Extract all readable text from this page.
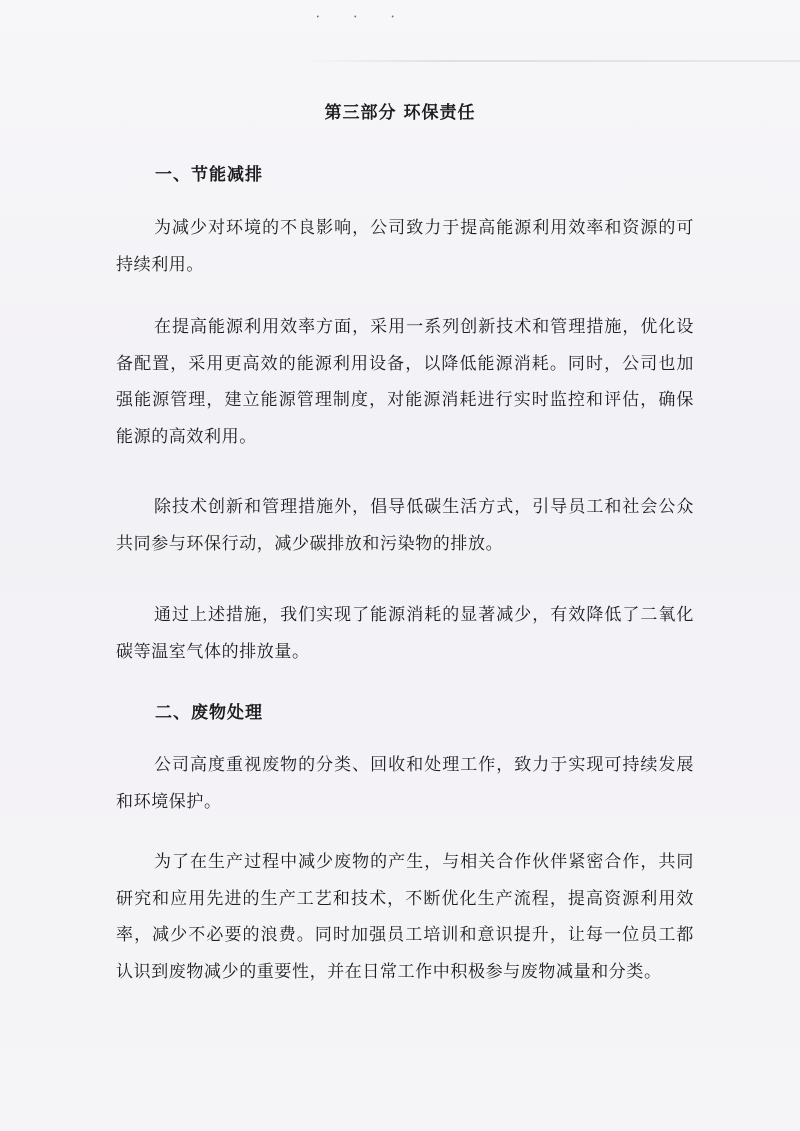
• • •
第三部分 环保责任
一、节能减排

为减少对环境的不良影响，公司致力于提高能源利用效率和资源的可持续利用。

在提高能源利用效率方面，采用一系列创新技术和管理措施，优化设备配置，采用更高效的能源利用设备，以降低能源消耗。同时，公司也加强能源管理，建立能源管理制度，对能源消耗进行实时监控和评估，确保能源的高效利用。

除技术创新和管理措施外，倡导低碳生活方式，引导员工和社会公众共同参与环保行动，减少碳排放和污染物的排放。

通过上述措施，我们实现了能源消耗的显著减少，有效降低了二氧化碳等温室气体的排放量。

二、废物处理

公司高度重视废物的分类、回收和处理工作，致力于实现可持续发展和环境保护。

为了在生产过程中减少废物的产生，与相关合作伙伴紧密合作，共同研究和应用先进的生产工艺和技术，不断优化生产流程，提高资源利用效率，减少不必要的浪费。同时加强员工培训和意识提升，让每一位员工都认识到废物减少的重要性，并在日常工作中积极参与废物减量和分类。
